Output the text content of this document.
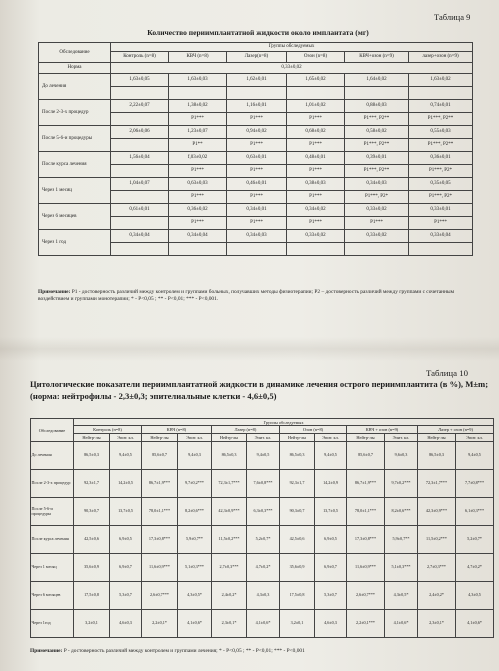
Таблица 9
Количество периимплантатной жидкости около имплантата (мг)
Обследование	Группы обследуемых					
	Контроль (n=8)	КВЧ (n=8)	Лазер(n=8)	Озон (n=8)	КВЧ+озон (n=9)	лазер+озон (n=9)
Норма	0,33±0,02					
До лечения	1,63±0,05	1,63±0,03	1,62±0,01	1,65±0,02	1,64±0,02	1,63±0,02

После 2-3-х процедур	2,22±0,07	1,38±0,02	1,16±0,01	1,01±0,02	0,88±0,03	0,74±0,01
		P1***	P1***	P1***	P1***, P2**	P1***, P2**
После 5-6-и процедуры	2,06±0,06	1,23±0,07	0,94±0,02	0,68±0,02	0,58±0,02	0,55±0,03
		P1**	P1***	P1***	P1***, P2**	P1***, P2**
После курса лечения	1,56±0,04	f,03±0,02	0,63±0,01	0,48±0,01	0,39±0,01	0,36±0,01
		P1***	P1***	P1***	P1***, P2**	P1***, P2*
Через 1 месяц	1,04±0,07	0,63±0,03	0,46±0,01	0,38±0,03	0,34±0,03	0,35±0,05
		P1***	P1***	P1***	P1***, P2*	P1***, P2*
Через 6 месяцев	0,61±0,01	0,36±0,02	0,34±0,01	0,34±0,02	0,33±0,02	0,33±0,01
		P1***	P1***	P1***	P1***	P1***
Через 1 год	0,34±0,04	0,34±0,04	0,34±0,03	0,33±0,02	0,33±0,02	0,33±0,04

Примечание: P1 - достоверность различий между контролем и группами больных, получавших методы физиотерапии; P2 – достоверность различий между группами с сочетанным воздействием и группами монотерапии; * - P<0,05 ; ** - P<0,01; *** - P<0,001.
Таблица 10
Цитологические показатели периимплантатной жидкости в динамике лечения острого периимплантита (в %), M±m; (норма: нейтрофилы - 2,3±0,3; эпителиальные клетки - 4,6±0,5)
Обследование	Группы обследуемых											
	Контроль (n=8)		КВЧ (n=8)		Лазер (n=8)		Озон (n=8)		КВЧ + озон (n=9)		Лазер + озон (n=9)	
	Нейтр-лы	Эпит. кл.	Нейтр-лы	Эпит. кл.	Нейтр-лы	Эпит. кл.	Нейтр-лы	Эпит. кл.	Нейтр-лы	Эпит. кл.	Нейтр-лы	Эпит. кл.
До лечения	86,5±0,3	9,4±0,5	85,6±0,7	9,4±0,3	86,5±0,3	9,4±0,5	86,5±0,3	9,4±0,5	85,6±0,7	9,6±0,3	86,5±0,3	9,4±0,5
После 2-3-х процедур	92,3±1,7	14,2±0,5	86,7±1,9***	9,7±0,2***	72,3±1,7***	7,6±0,8***	92,3±1,7	14,2±0,9	86,7±1,9***	9,7±0,2***	72,3±1,7***	7,7±0,8***
После 5-6-и процедуры	90,3±0,7	13,7±0,5	78,0±1,1***	8,2±0,6***	42,3±0,9***	6,3±0,3***	90,3±0,7	13,7±0,5	78,0±1,1***	8,2±0,6***	42,3±0,9***	6,1±0,3***
После курса лечения	42,5±0,6	6,9±0,5	17,3±0,8***	5,9±0,7**	11,5±0,2***	5,2±0,7*	42,5±0,6	6,9±0,5	17,3±0,8***	5,9±0,7**	11,5±0,2***	5,2±0,7*
Через 1 месяц	35,6±0,9	6,9±0,7	11,6±0,9***	5,1±0,3***	2,7±0,3***	4,7±0,2*	35,6±0,9	6,9±0,7	11,6±0,9***	5,1±0,3***	2,7±0,3***	4,7±0,2*
Через 6 месяцев	17,5±0,8	5,3±0,7	2,6±0,7***	4,3±0,5*	2,4±0,2*	4,3±0,3	17,5±0,8	5,3±0,7	2,6±0,7***	4,3±0,5*	2,4±0,2*	4,3±0,5
Через 1год	3,2±0,1	4,6±0,3	2,2±0,1*	4,1±0,6*	2,3±0,1*	4,1±0,6*	3,2±0,1	4,6±0,3	2,2±0,1***	4,1±0,6*	2,3±0,1*	4,1±0,6*
Примечание: P - достоверность различий между контролем и группами лечения; * - P<0,05 ; ** - P<0,01; *** - P<0,001
